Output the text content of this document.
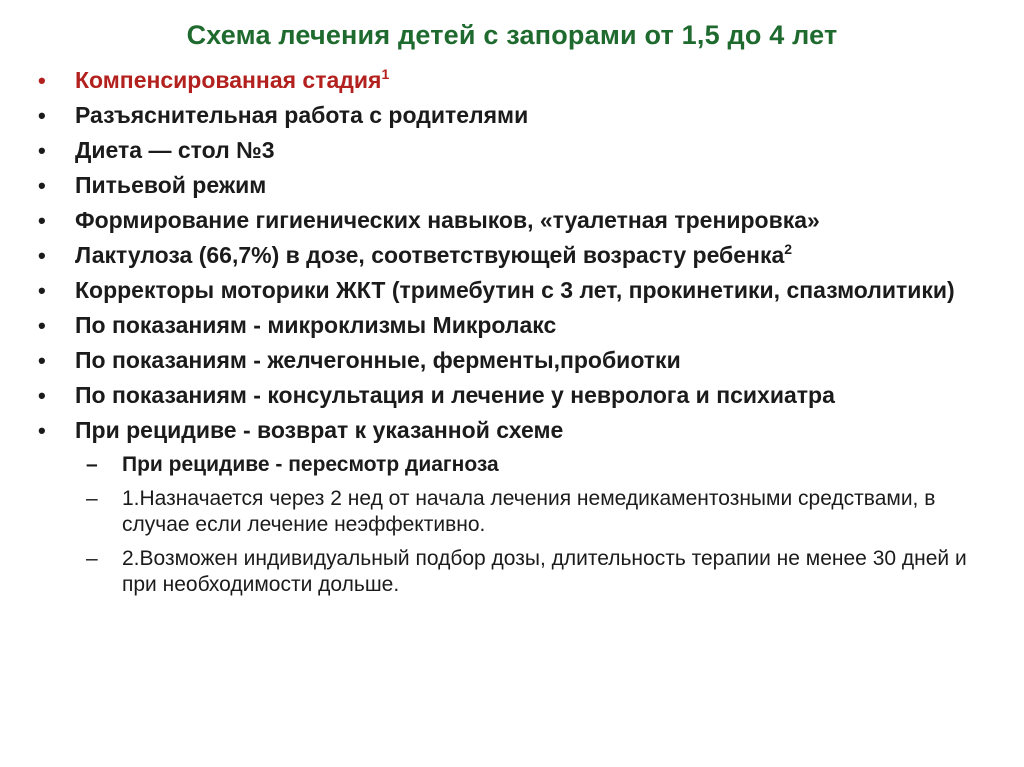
Схема лечения детей с запорами от 1,5 до 4 лет
•	Компенсированная стадия$^1$
•	Разъяснительная работа с родителями
•	Диета — стол №3
•	Питьевой режим
•	Формирование гигиенических навыков, «туалетная тренировка»
•	Лактулоза (66,7%) в дозе, соответствующей возрасту ребенка$^2$
•	Корректоры моторики ЖКТ (тримебутин с 3 лет, прокинетики, спазмолитики)
•	По показаниям - микроклизмы Микролакс
•	По показаниям - желчегонные, ферменты,пробиотки
•	По показаниям - консультация и лечение у невролога и психиатра
•	При рецидиве - возврат к указанной схеме
– При рецидиве - пересмотр диагноза
– 1.Назначается через 2 нед от начала лечения немедикаментозными средствами, в случае если лечение неэффективно.
– 2.Возможен индивидуальный подбор дозы, длительность терапии не менее 30 дней и при необходимости дольше.
